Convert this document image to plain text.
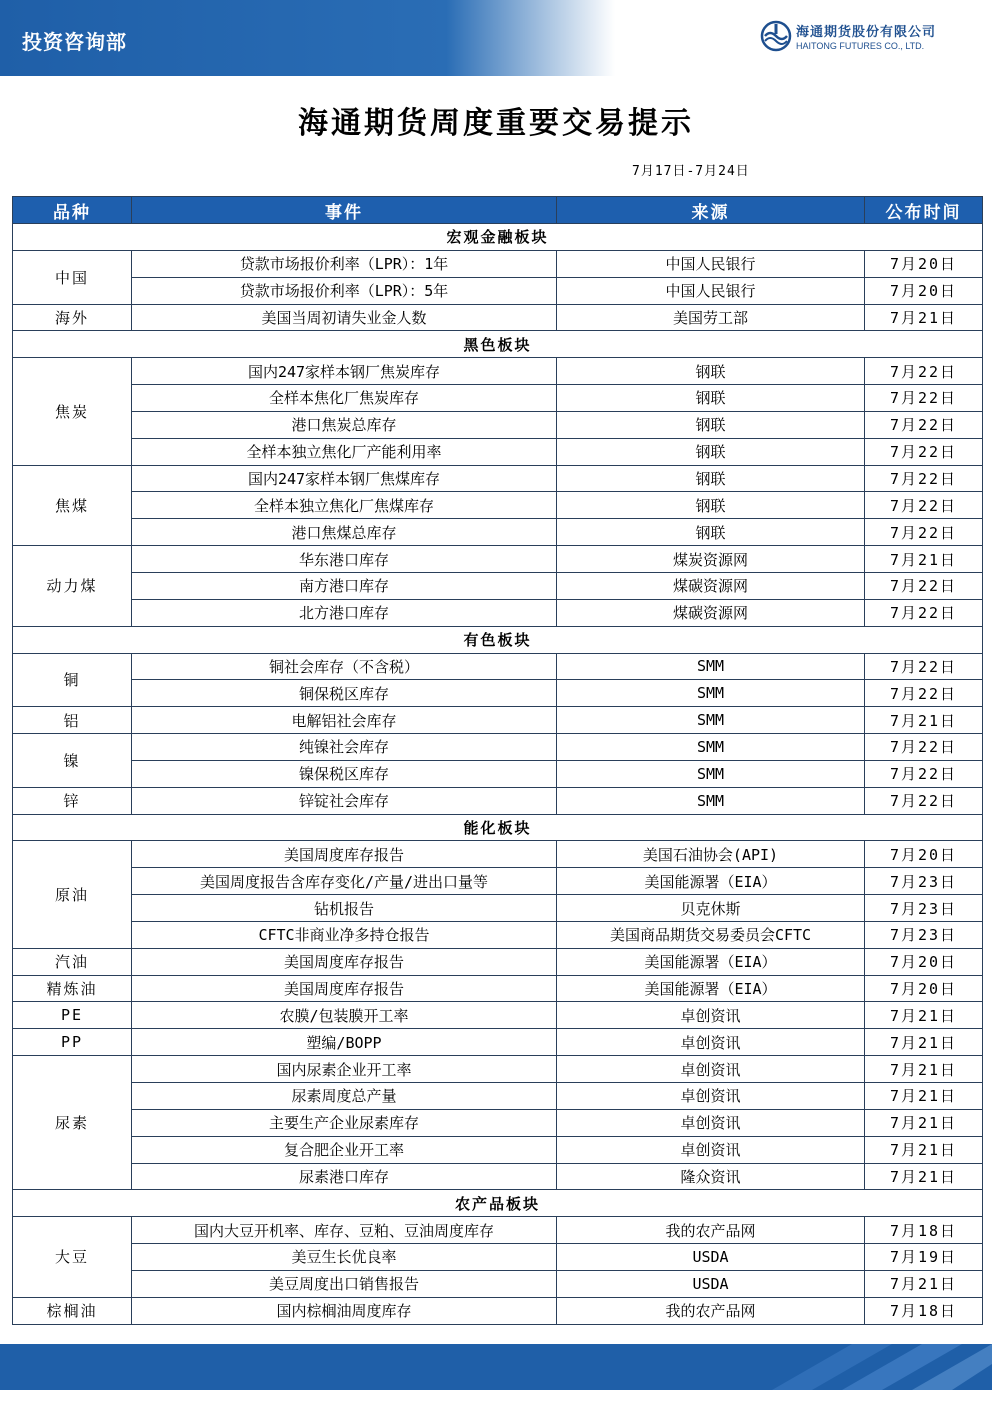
投资咨询部	海通期货股份有限公司
HAITONG FUTURES CO., LTD.
海通期货周度重要交易提示
7月17日-7月24日
品种	事件	来源	公布时间
宏观金融板块			
中国	贷款市场报价利率（LPR）：1年	中国人民银行	7月20日
	贷款市场报价利率（LPR）：5年	中国人民银行	7月20日
海外	美国当周初请失业金人数	美国劳工部	7月21日
黑色板块			
焦炭	国内247家样本钢厂焦炭库存	钢联	7月22日
	全样本焦化厂焦炭库存	钢联	7月22日
	港口焦炭总库存	钢联	7月22日
	全样本独立焦化厂产能利用率	钢联	7月22日
焦煤	国内247家样本钢厂焦煤库存	钢联	7月22日
	全样本独立焦化厂焦煤库存	钢联	7月22日
	港口焦煤总库存	钢联	7月22日
动力煤	华东港口库存	煤炭资源网	7月21日
	南方港口库存	煤碳资源网	7月22日
	北方港口库存	煤碳资源网	7月22日
有色板块			
铜	铜社会库存（不含税）	SMM	7月22日
	铜保税区库存	SMM	7月22日
铝	电解铝社会库存	SMM	7月21日
镍	纯镍社会库存	SMM	7月22日
	镍保税区库存	SMM	7月22日
锌	锌锭社会库存	SMM	7月22日
能化板块			
原油	美国周度库存报告	美国石油协会(API)	7月20日
	美国周度报告含库存变化/产量/进出口量等	美国能源署（EIA）	7月23日
	钻机报告	贝克休斯	7月23日
	CFTC非商业净多持仓报告	美国商品期货交易委员会CFTC	7月23日
汽油	美国周度库存报告	美国能源署（EIA）	7月20日
精炼油	美国周度库存报告	美国能源署（EIA）	7月20日
PE	农膜/包装膜开工率	卓创资讯	7月21日
PP	塑编/BOPP	卓创资讯	7月21日
尿素	国内尿素企业开工率	卓创资讯	7月21日
	尿素周度总产量	卓创资讯	7月21日
	主要生产企业尿素库存	卓创资讯	7月21日
	复合肥企业开工率	卓创资讯	7月21日
	尿素港口库存	隆众资讯	7月21日
农产品板块			
大豆	国内大豆开机率、库存、豆粕、豆油周度库存	我的农产品网	7月18日
	美豆生长优良率	USDA	7月19日
	美豆周度出口销售报告	USDA	7月21日
棕榈油	国内棕榈油周度库存	我的农产品网	7月18日
